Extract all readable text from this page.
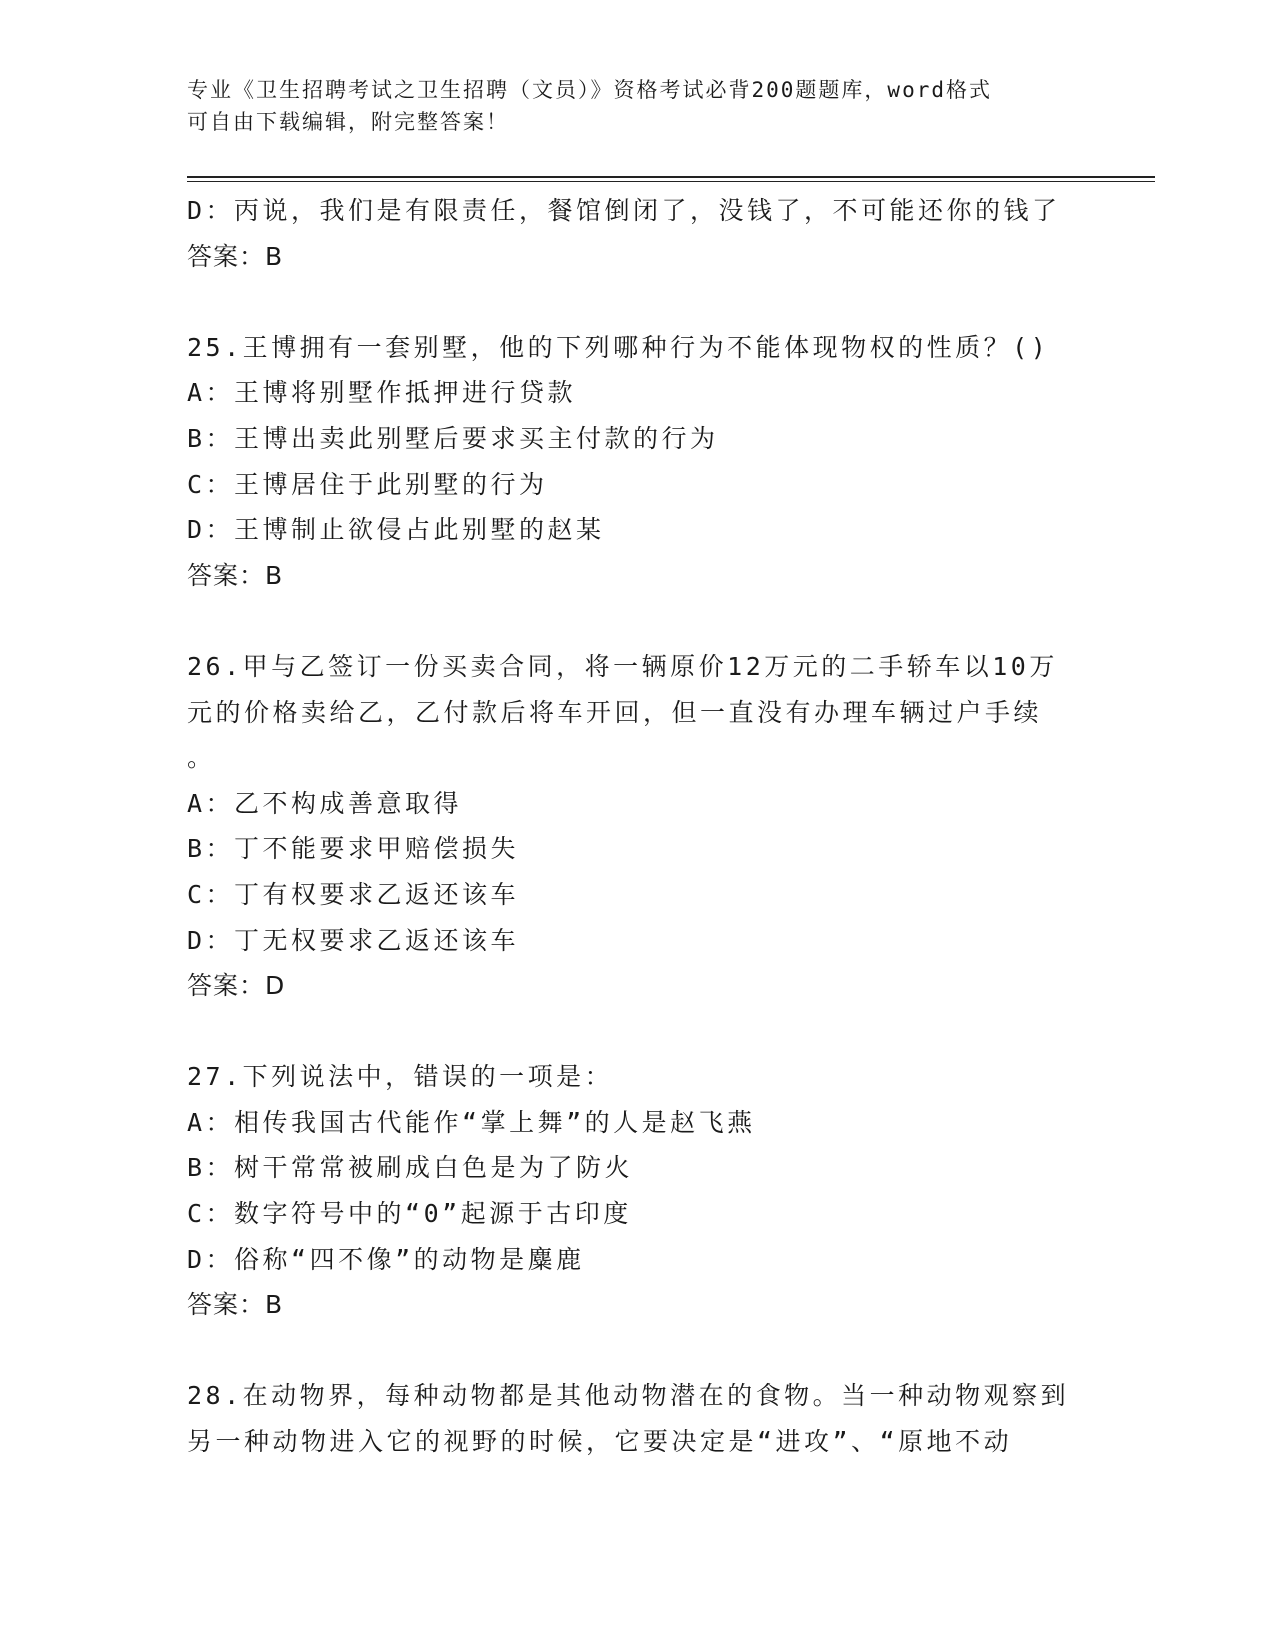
专业《卫生招聘考试之卫生招聘（文员）》资格考试必背200题题库，word格式
可自由下载编辑，附完整答案！
D：丙说，我们是有限责任，餐馆倒闭了，没钱了，不可能还你的钱了
答案：B
25.王博拥有一套别墅，他的下列哪种行为不能体现物权的性质？()
A：王博将别墅作抵押进行贷款
B：王博出卖此别墅后要求买主付款的行为
C：王博居住于此别墅的行为
D：王博制止欲侵占此别墅的赵某
答案：B
26.甲与乙签订一份买卖合同，将一辆原价12万元的二手轿车以10万
元的价格卖给乙，乙付款后将车开回，但一直没有办理车辆过户手续
。
A：乙不构成善意取得
B：丁不能要求甲赔偿损失
C：丁有权要求乙返还该车
D：丁无权要求乙返还该车
答案：D
27.下列说法中，错误的一项是：
A：相传我国古代能作“掌上舞”的人是赵飞燕
B：树干常常被刷成白色是为了防火
C：数字符号中的“0”起源于古印度
D：俗称“四不像”的动物是麋鹿
答案：B
28.在动物界，每种动物都是其他动物潜在的食物。当一种动物观察到
另一种动物进入它的视野的时候，它要决定是“进攻”、“原地不动
